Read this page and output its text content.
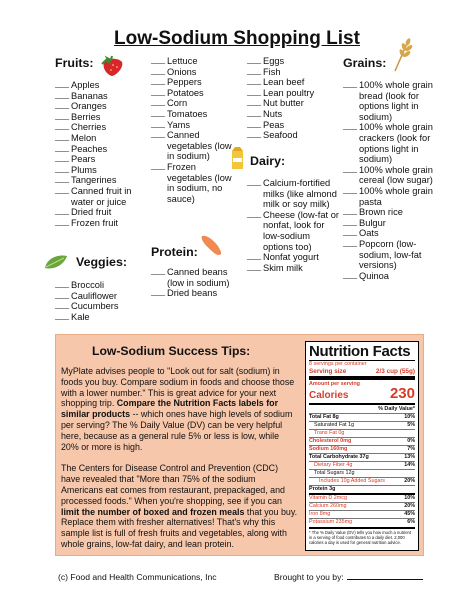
Low-Sodium Shopping List
Fruits:
____ Apples
____ Bananas
____ Oranges
____ Berries
____ Cherries
____ Melon
____ Peaches
____ Pears
____ Plums
____ Tangerines
____ Canned fruit in water or juice
____ Dried fruit
____ Frozen fruit
Veggies:
____ Broccoli
____ Cauliflower
____ Cucumbers
____ Kale
____ Lettuce
____ Onions
____ Peppers
____ Potatoes
____ Corn
____ Tomatoes
____ Yams
____ Canned vegetables (low in sodium)
____ Frozen vegetables (low in sodium, no sauce)
Protein:
____ Canned beans (low in sodium)
____ Dried beans
____ Eggs
____ Fish
____ Lean beef
____ Lean poultry
____ Nut butter
____ Nuts
____ Peas
____ Seafood
Dairy:
____ Calcium-fortified milks (like almond milk or soy milk)
____ Cheese (low-fat or nonfat, look for low-sodium options too)
____ Nonfat yogurt
____ Skim milk
Grains:
____ 100% whole grain bread (look for options light in sodium)
____ 100% whole grain crackers (look for options light in sodium)
____ 100% whole grain cereal (low sugar)
____ 100% whole grain pasta
____ Brown rice
____ Bulgur
____ Oats
____ Popcorn (low-sodium, low-fat versions)
____ Quinoa
Low-Sodium Success Tips:

MyPlate advises people to "Look out for salt (sodium) in foods you buy. Compare sodium in foods and choose those with a lower number." This is great advice for your next shopping trip. Compare the Nutrition Facts labels for similar products -- which ones have high levels of sodium per serving? The % Daily Value (DV) can be very helpful here, because as a general rule 5% or less is low, while 20% or more is high.

The Centers for Disease Control and Prevention (CDC) have revealed that "More than 75% of the sodium Americans eat comes from restaurant, prepackaged, and processed foods." When you're shopping, see if you can limit the number of boxed and frozen meals that you buy. Replace them with fresher alternatives! That's why this sample list is full of fresh fruits and vegetables, along with whole grains, low-fat dairy, and lean protein.

Nutrition Facts
8 servings per container
Serving size	2/3 cup (55g)
Amount per serving
Calories	230
% Daily Value*
Total Fat 8g	10%
Saturated Fat 1g	5%
Trans Fat 0g
Cholesterol 0mg	0%
Sodium 160mg	7%
Total Carbohydrate 37g	13%
Dietary Fiber 4g	14%
Total Sugars 12g
Includes 10g Added Sugars	20%
Protein 3g
Vitamin D 2mcg	10%
Calcium 260mg	20%
Iron 8mg	45%
Potassium 235mg	6%
* The % Daily Value (DV) tells you how much a nutrient in a serving of food contributes to a daily diet. 2,000 calories a day is used for general nutrition advice.
(c) Food and Health Communications, Inc	Brought to you by:
